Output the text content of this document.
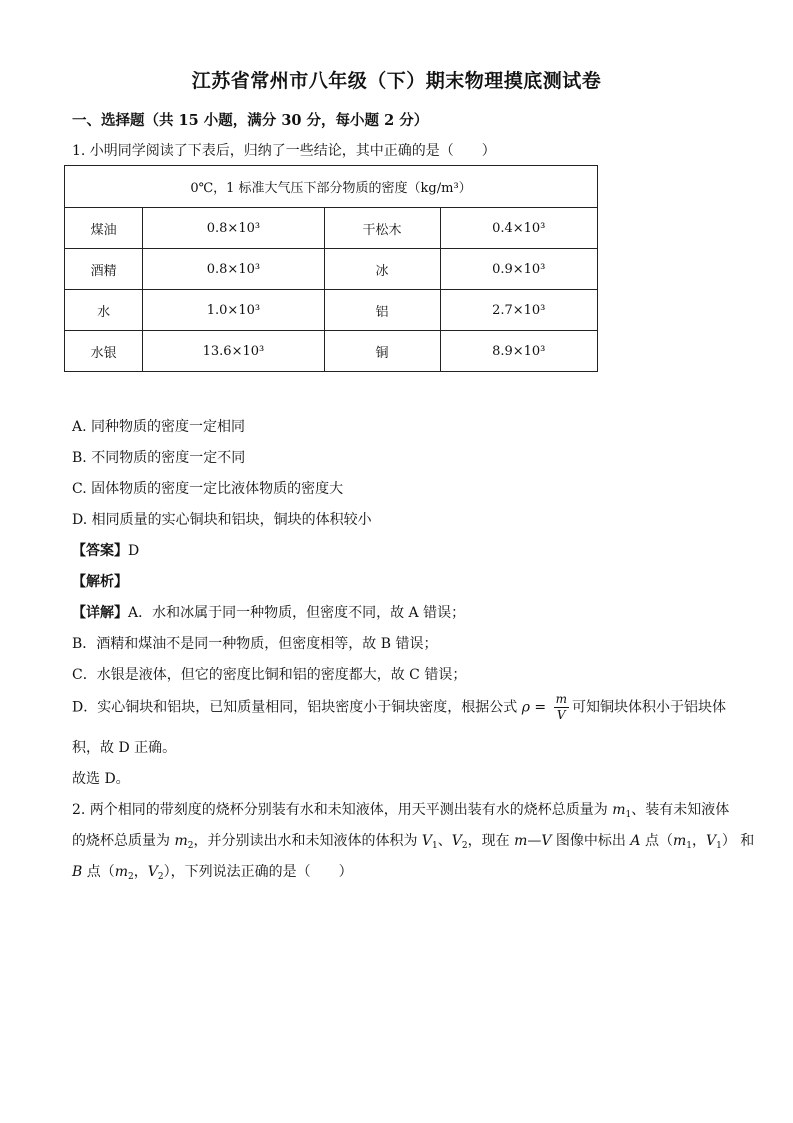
江苏省常州市八年级（下）期末物理摸底测试卷
一、选择题（共 15 小题，满分 30 分，每小题 2 分）
1. 小明同学阅读了下表后，归纳了一些结论，其中正确的是（　　）
0℃，1 标准大气压下部分物质的密度（kg/m³）			
煤油	0.8×10³	干松木	0.4×10³
酒精	0.8×10³	冰	0.9×10³
水	1.0×10³	铝	2.7×10³
水银	13.6×10³	铜	8.9×10³
A. 同种物质的密度一定相同
B. 不同物质的密度一定不同
C. 固体物质的密度一定比液体物质的密度大
D. 相同质量的实心铜块和铝块，铜块的体积较小
【答案】D
【解析】
【详解】A．水和冰属于同一种物质，但密度不同，故 A 错误；
B．酒精和煤油不是同一种物质，但密度相等，故 B 错误；
C．水银是液体，但它的密度比铜和铝的密度都大，故 C 错误；
D．实心铜块和铝块，已知质量相同，铝块密度小于铜块密度，根据公式 $\rho = \frac{m}{V}$ 可知铜块体积小于铝块体
积，故 D 正确。
故选 D。
2. 两个相同的带刻度的烧杯分别装有水和未知液体，用天平测出装有水的烧杯总质量为 $m_1$、装有未知液体
的烧杯总质量为 $m_2$，并分别读出水和未知液体的体积为 $V_1$、$V_2$，现在 m—V 图像中标出 A 点（$m_1$，$V_1$） 和
B 点（$m_2$，$V_2$），下列说法正确的是（　　）
